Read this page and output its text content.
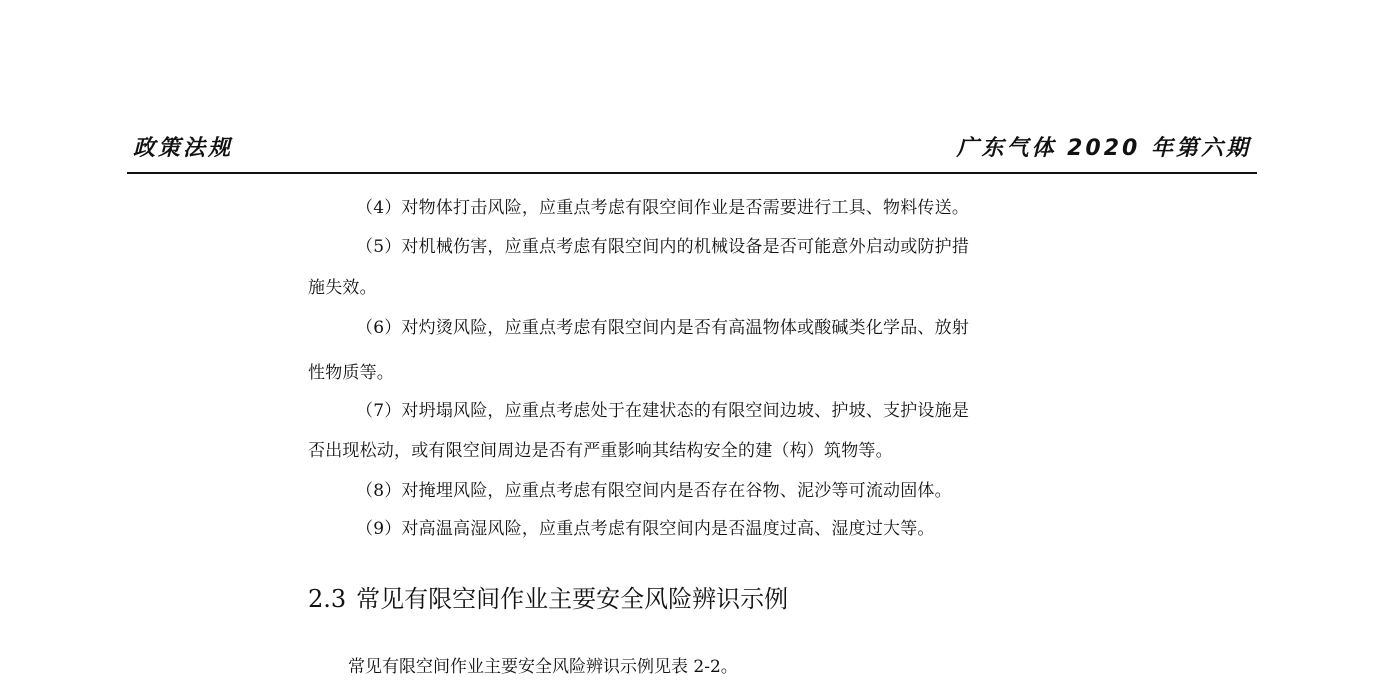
政策法规	广东气体 2020 年第六期
（4）对物体打击风险，应重点考虑有限空间作业是否需要进行工具、物料传送。
（5）对机械伤害，应重点考虑有限空间内的机械设备是否可能意外启动或防护措
施失效。
（6）对灼烫风险，应重点考虑有限空间内是否有高温物体或酸碱类化学品、放射
性物质等。
（7）对坍塌风险，应重点考虑处于在建状态的有限空间边坡、护坡、支护设施是
否出现松动，或有限空间周边是否有严重影响其结构安全的建（构）筑物等。
（8）对掩埋风险，应重点考虑有限空间内是否存在谷物、泥沙等可流动固体。
（9）对高温高湿风险，应重点考虑有限空间内是否温度过高、湿度过大等。
2.3 常见有限空间作业主要安全风险辨识示例
常见有限空间作业主要安全风险辨识示例见表 2-2。
